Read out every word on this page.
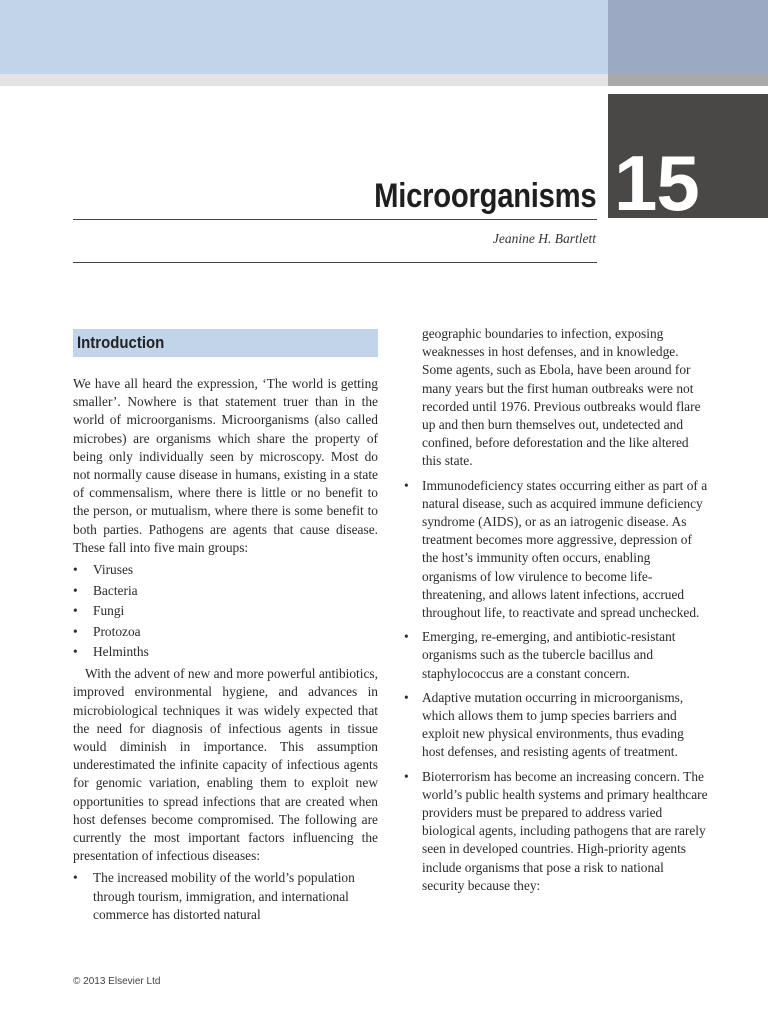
15
Microorganisms
Jeanine H. Bartlett
Introduction

We have all heard the expression, ‘The world is getting smaller’. Nowhere is that statement truer than in the world of microorganisms. Microorganisms (also called microbes) are organisms which share the property of being only individually seen by microscopy. Most do not normally cause disease in humans, existing in a state of commensalism, where there is little or no benefit to the person, or mutualism, where there is some benefit to both parties. Pathogens are agents that cause disease. These fall into five main groups:

•	Viruses
•	Bacteria
•	Fungi
•	Protozoa
•	Helminths

With the advent of new and more powerful antibiotics, improved environmental hygiene, and advances in microbiological techniques it was widely expected that the need for diagnosis of infectious agents in tissue would diminish in importance. This assumption underestimated the infinite capacity of infectious agents for genomic variation, enabling them to exploit new opportunities to spread infections that are created when host defenses become compromised. The following are currently the most important factors influencing the presentation of infectious diseases:

• The increased mobility of the world’s population through tourism, immigration, and international commerce has distorted natural
geographic boundaries to infection, exposing weaknesses in host defenses, and in knowledge. Some agents, such as Ebola, have been around for many years but the first human outbreaks were not recorded until 1976. Previous outbreaks would flare up and then burn themselves out, undetected and confined, before deforestation and the like altered this state.
• Immunodeficiency states occurring either as part of a natural disease, such as acquired immune deficiency syndrome (AIDS), or as an iatrogenic disease. As treatment becomes more aggressive, depression of the host’s immunity often occurs, enabling organisms of low virulence to become life-threatening, and allows latent infections, accrued throughout life, to reactivate and spread unchecked.
• Emerging, re-emerging, and antibiotic-resistant organisms such as the tubercle bacillus and staphylococcus are a constant concern.
• Adaptive mutation occurring in microorganisms, which allows them to jump species barriers and exploit new physical environments, thus evading host defenses, and resisting agents of treatment.
• Bioterrorism has become an increasing concern. The world’s public health systems and primary healthcare providers must be prepared to address varied biological agents, including pathogens that are rarely seen in developed countries. High-priority agents include organisms that pose a risk to national security because they:
© 2013 Elsevier Ltd
